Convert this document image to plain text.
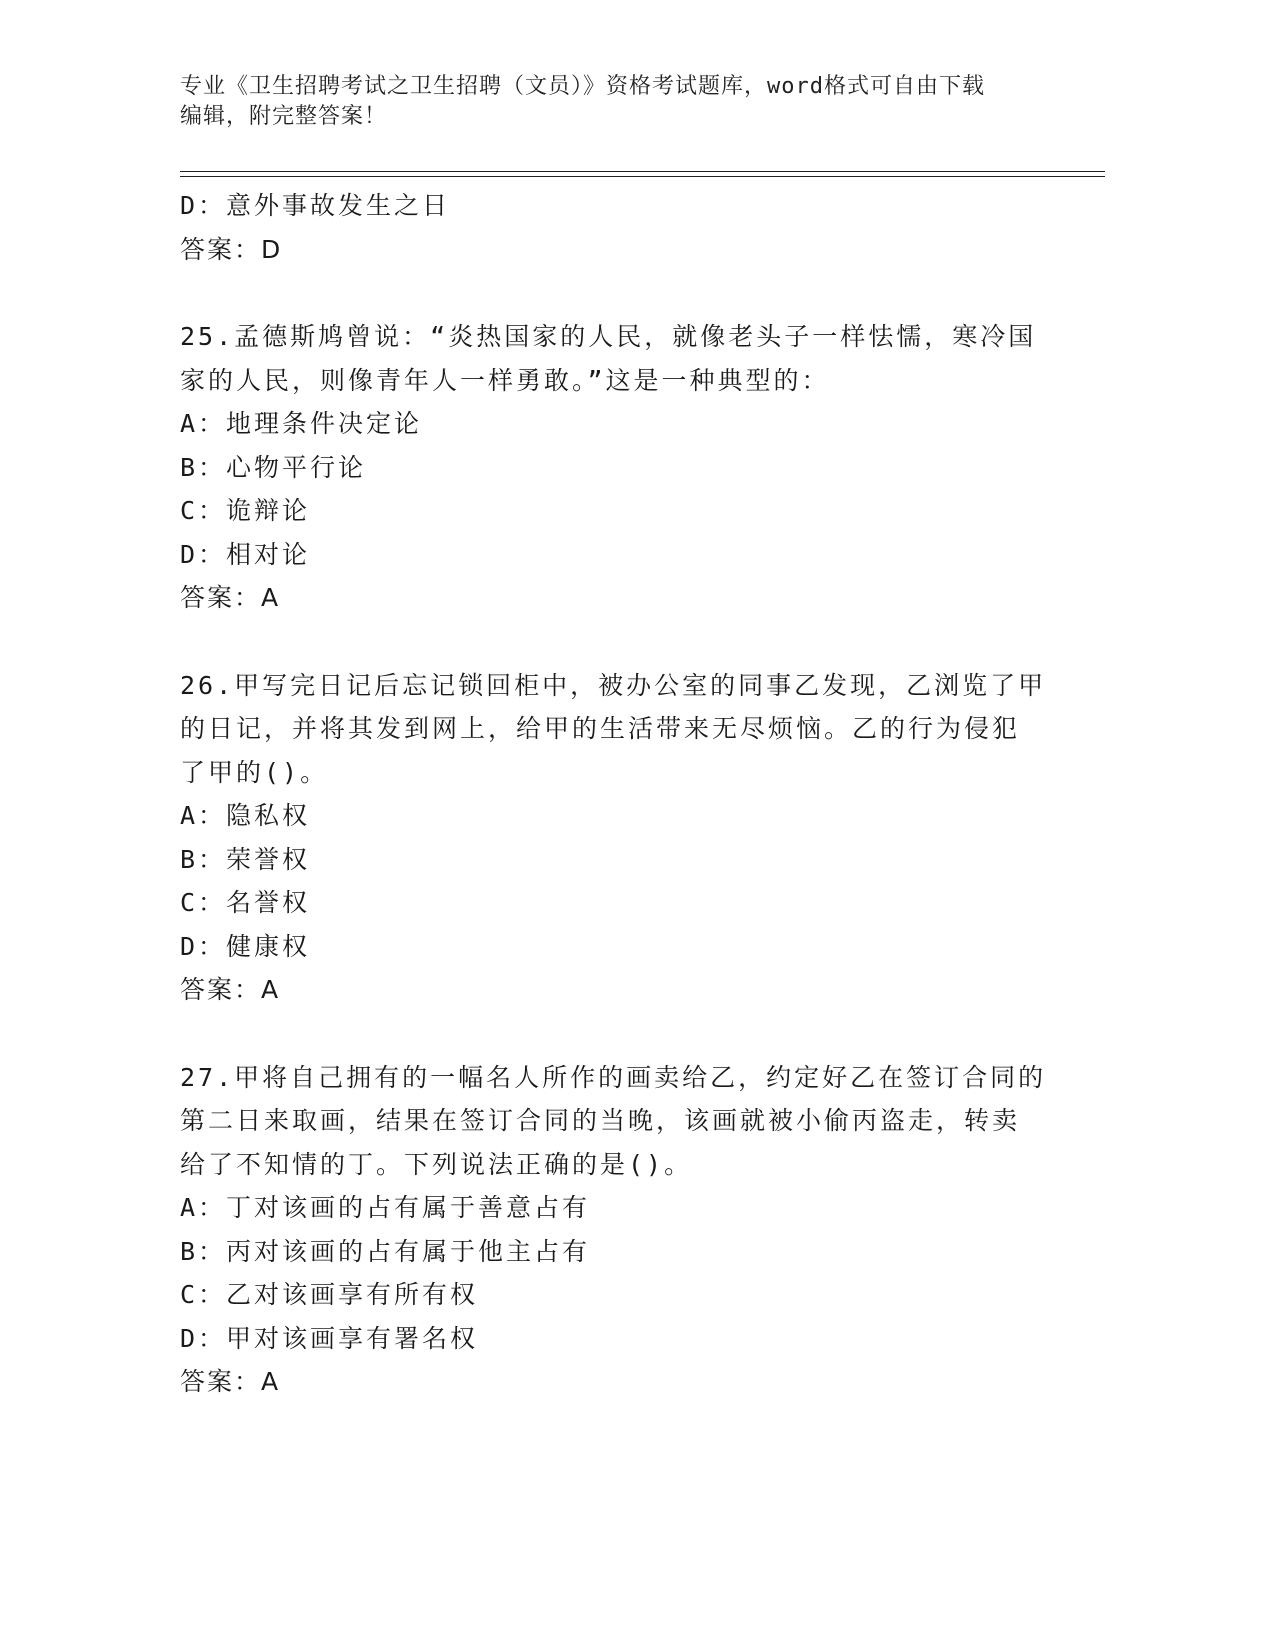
专业《卫生招聘考试之卫生招聘（文员）》资格考试题库，word格式可自由下载
编辑，附完整答案！

D：意外事故发生之日

答案：D

25.孟德斯鸠曾说：“炎热国家的人民，就像老头子一样怯懦，寒冷国

家的人民，则像青年人一样勇敢。”这是一种典型的：

A：地理条件决定论

B：心物平行论

C：诡辩论

D：相对论

答案：A

26.甲写完日记后忘记锁回柜中，被办公室的同事乙发现，乙浏览了甲

的日记，并将其发到网上，给甲的生活带来无尽烦恼。乙的行为侵犯

了甲的()。

A：隐私权

B：荣誉权

C：名誉权

D：健康权

答案：A

27.甲将自己拥有的一幅名人所作的画卖给乙，约定好乙在签订合同的

第二日来取画，结果在签订合同的当晚，该画就被小偷丙盗走，转卖

给了不知情的丁。下列说法正确的是()。

A：丁对该画的占有属于善意占有

B：丙对该画的占有属于他主占有

C：乙对该画享有所有权

D：甲对该画享有署名权

答案：A
